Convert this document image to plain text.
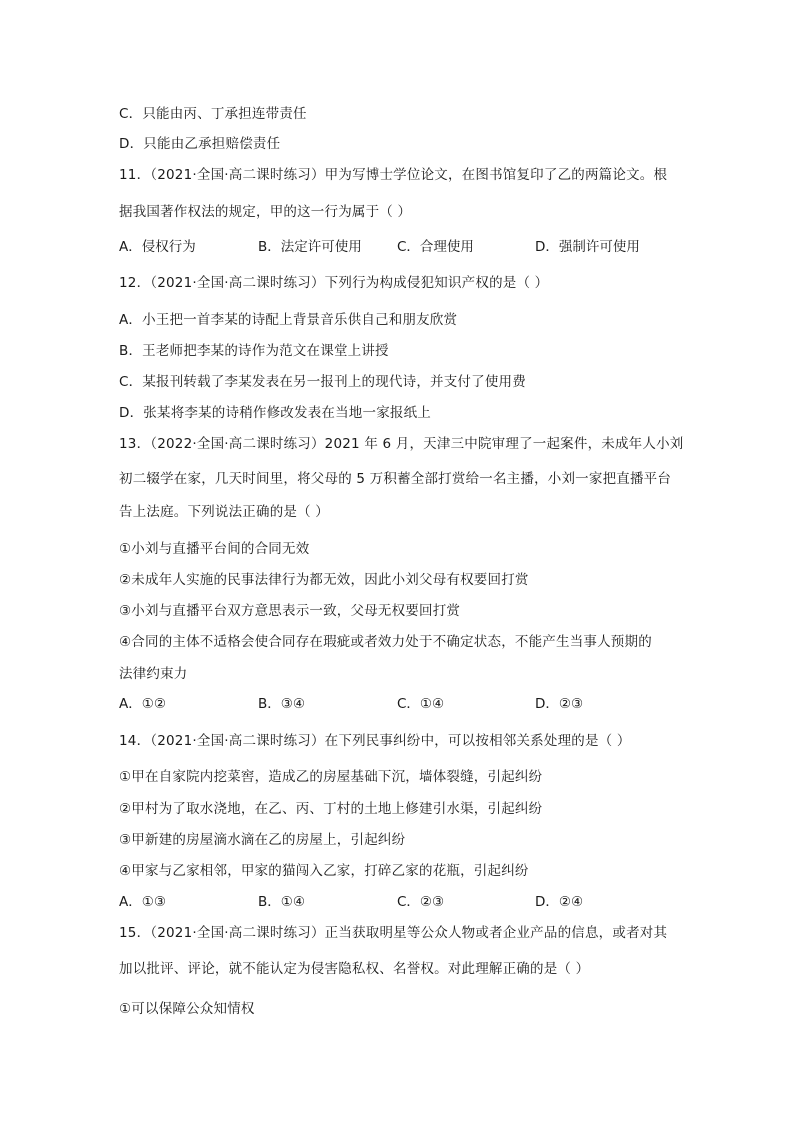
C．只能由丙、丁承担连带责任
D．只能由乙承担赔偿责任
11．（2021·全国·高二课时练习）甲为写博士学位论文，在图书馆复印了乙的两篇论文。根
据我国著作权法的规定，甲的这一行为属于（ ）
A．侵权行为	B．法定许可使用	C．合理使用	D．强制许可使用
12．（2021·全国·高二课时练习）下列行为构成侵犯知识产权的是（ ）
A．小王把一首李某的诗配上背景音乐供自己和朋友欣赏
B．王老师把李某的诗作为范文在课堂上讲授
C．某报刊转载了李某发表在另一报刊上的现代诗，并支付了使用费
D．张某将李某的诗稍作修改发表在当地一家报纸上
13．（2022·全国·高二课时练习）2021 年 6 月，天津三中院审理了一起案件，未成年人小刘
初二辍学在家，几天时间里，将父母的 5 万积蓄全部打赏给一名主播，小刘一家把直播平台
告上法庭。下列说法正确的是（ ）
①小刘与直播平台间的合同无效
②未成年人实施的民事法律行为都无效，因此小刘父母有权要回打赏
③小刘与直播平台双方意思表示一致，父母无权要回打赏
④合同的主体不适格会使合同存在瑕疵或者效力处于不确定状态，不能产生当事人预期的
法律约束力
A．①②	B．③④	C．①④	D．②③
14．（2021·全国·高二课时练习）在下列民事纠纷中，可以按相邻关系处理的是（ ）
①甲在自家院内挖菜窖，造成乙的房屋基础下沉，墙体裂缝，引起纠纷
②甲村为了取水浇地，在乙、丙、丁村的土地上修建引水渠，引起纠纷
③甲新建的房屋滴水滴在乙的房屋上，引起纠纷
④甲家与乙家相邻，甲家的猫闯入乙家，打碎乙家的花瓶，引起纠纷
A．①③	B．①④	C．②③	D．②④
15．（2021·全国·高二课时练习）正当获取明星等公众人物或者企业产品的信息，或者对其
加以批评、评论，就不能认定为侵害隐私权、名誉权。对此理解正确的是（ ）
①可以保障公众知情权
